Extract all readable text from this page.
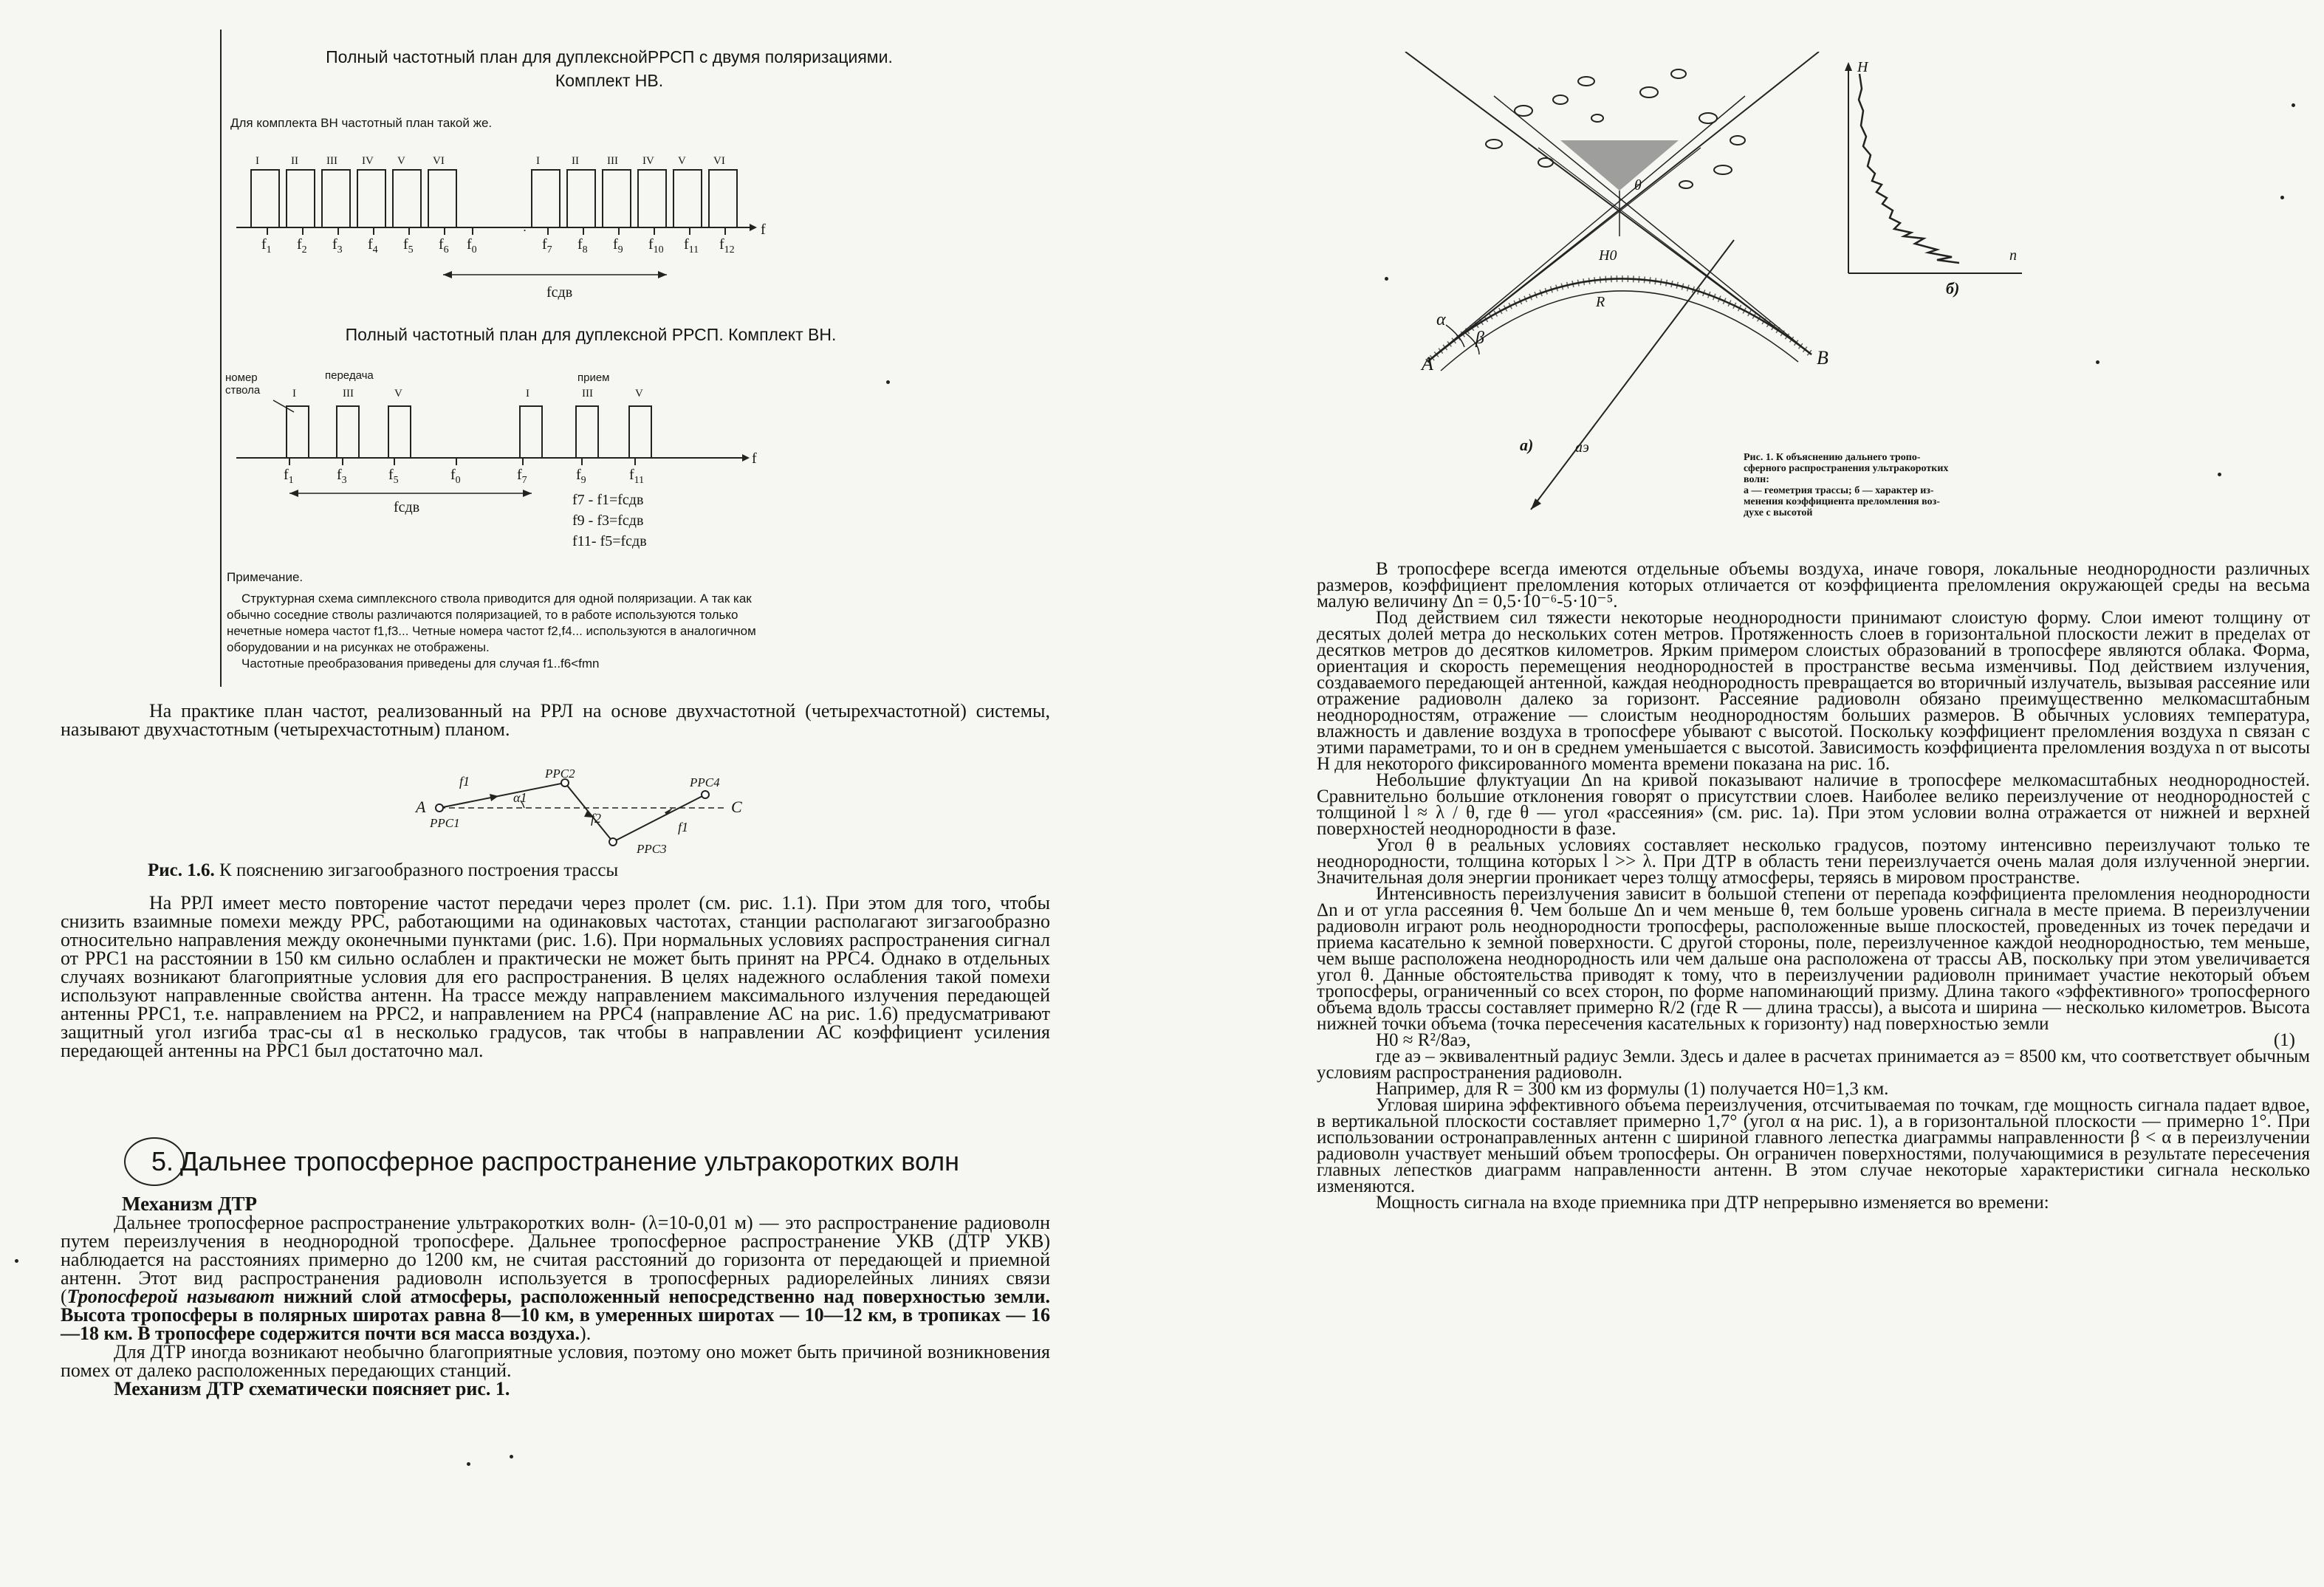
Полный частотный план для дуплекснойРРСП с двумя поляризациями.
Комплект НВ.
Для комплекта ВН частотный план такой же.
.	f
I	II	III IV V VI	I	II	III IV V VI
$f_1$ $f_2$ $f_3$ $f_4$ $f_5$ $f_6$ $f_0$	$f_7$ $f_8$ $f_9$ $f_{10}$ $f_{11}$ $f_{12}$
fсдв
Полный частотный план для дуплексной РРСП. Комплект ВН.
номер
ствола
передача	прием
f
I	III	V	I	III	V
$f_1$	$f_3$	$f_5$	$f_0$	$f_7$	$f_9$	$f_{11}$
fсдв	f7 - f1=fсдв
f9 - f3=fсдв
f11- f5=fсдв
Примечание.
Структурная схема симплексного ствола приводится для одной поляризации. А так как
обычно соседние стволы различаются поляризацией, то в работе используются только
нечетные номера частот f1,f3... Четные номера частот f2,f4... используются в аналогичном
оборудовании и на рисунках не отображены.
Частотные преобразования приведены для случая f1..f6<fmn

На практике план частот, реализованный на РРЛ на основе двухчастотной (четырехчастотной) системы, называют двухчастотным (четырехчастотным) планом.

A
PPC1
PPC2
PPC3
PPC4
C
f1
α1
f2
f1
Рис. 1.6. К пояснению зигзагообразного построения трассы

На РРЛ имеет место повторение частот передачи через пролет (см. рис. 1.1). При этом для того, чтобы снизить взаимные помехи между РРС, работающими на одинаковых частотах, станции располагают зигзагообразно относительно направления между оконечными пунктами (рис. 1.6). При нормальных условиях распространения сигнал от РРС1 на расстоянии в 150 км сильно ослаблен и практически не может быть принят на РРС4. Однако в отдельных случаях возникают благоприятные условия для его распространения. В целях надежного ослабления такой помехи используют направленные свойства антенн. На трассе между направлением максимального излучения передающей антенны РРС1, т.е. направлением на РРС2, и направлением на РРС4 (направление АС на рис. 1.6) предусматривают защитный угол изгиба трас-сы α1 в несколько градусов, так чтобы в направлении АС коэффициент усиления передающей антенны на РРС1 был достаточно мал.

5. Дальнее тропосферное распространение ультракоротких волн
Механизм ДТР

Дальнее тропосферное распространение ультракоротких волн- (λ=10-0,01 м) — это распространение радиоволн путем переизлучения в неоднородной тропосфере. Дальнее тропосферное распространение УКВ (ДТР УКВ) наблюдается на расстояниях примерно до 1200 км, не считая расстояний до горизонта от передающей и приемной антенн. Этот вид распространения радиоволн используется в тропосферных радиорелейных линиях связи (Тропосферой называют нижний слой атмосферы, расположенный непосредственно над поверхностью земли. Высота тропосферы в полярных широтах равна 8—10 км, в умеренных широтах — 10—12 км, в тропиках — 16—18 км. В тропосфере содержится почти вся масса воздуха.).

Для ДТР иногда возникают необычно благоприятные условия, поэтому оно может быть причиной возникновения помех от далеко расположенных передающих станций.

Механизм ДТР схематически поясняет рис. 1.

A	B
α
β
H0
R
θ
aэ
а)
H
n
б)
Рис. 1. К объяснению дальнего тропо-
сферного распространения ультракоротких
волн:
а — геометрия трассы; б — характер из-
менения коэффициента преломления воз-
духе с высотой

В тропосфере всегда имеются отдельные объемы воздуха, иначе говоря, локальные неоднородности различных размеров, коэффициент преломления которых отличается от коэффициента преломления окружающей среды на весьма малую величину Δn = 0,5·10⁻⁶-5·10⁻⁵.

Под действием сил тяжести некоторые неоднородности принимают слоистую форму. Слои имеют толщину от десятых долей метра до нескольких сотен метров. Протяженность слоев в горизонтальной плоскости лежит в пределах от десятков метров до десятков километров. Ярким примером слоистых образований в тропосфере являются облака. Форма, ориентация и скорость перемещения неоднородностей в пространстве весьма изменчивы. Под действием излучения, создаваемого передающей антенной, каждая неоднородность превращается во вторичный излучатель, вызывая рассеяние или отражение радиоволн далеко за горизонт. Рассеяние радиоволн обязано преимущественно мелкомасштабным неоднородностям, отражение — слоистым неоднородностям больших размеров. В обычных условиях температура, влажность и давление воздуха в тропосфере убывают с высотой. Поскольку коэффициент преломления воздуха n связан с этими параметрами, то и он в среднем уменьшается с высотой. Зависимость коэффициента преломления воздуха n от высоты H для некоторого фиксированного момента времени показана на рис. 1б.

Небольшие флуктуации Δn на кривой показывают наличие в тропосфере мелкомасштабных неоднородностей. Сравнительно большие отклонения говорят о присутствии слоев. Наиболее велико переизлучение от неоднородностей с толщиной l ≈ λ / θ, где θ — угол «рассеяния» (см. рис. 1а). При этом условии волна отражается от нижней и верхней поверхностей неоднородности в фазе.

Угол θ в реальных условиях составляет несколько градусов, поэтому интенсивно переизлучают только те неоднородности, толщина которых l >> λ. При ДТР в область тени переизлучается очень малая доля излученной энергии. Значительная доля энергии проникает через толщу атмосферы, теряясь в мировом пространстве.

Интенсивность переизлучения зависит в большой степени от перепада коэффициента преломления неоднородности Δn и от угла рассеяния θ. Чем больше Δn и чем меньше θ, тем больше уровень сигнала в месте приема. В переизлучении радиоволн играют роль неоднородности тропосферы, расположенные выше плоскостей, проведенных из точек передачи и приема касательно к земной поверхности. С другой стороны, поле, переизлученное каждой неоднородностью, тем меньше, чем выше расположена неоднородность или чем дальше она расположена от трассы AB, поскольку при этом увеличивается угол θ. Данные обстоятельства приводят к тому, что в переизлучении радиоволн принимает участие некоторый объем тропосферы, ограниченный со всех сторон, по форме напоминающий призму. Длина такого «эффективного» тропосферного объема вдоль трассы составляет примерно R/2 (где R — длина трассы), а высота и ширина — несколько километров. Высота нижней точки объема (точка пересечения касательных к горизонту) над поверхностью земли

H0 ≈ R²/8aэ,	(1)

где aэ – эквивалентный радиус Земли. Здесь и далее в расчетах принимается aэ = 8500 км, что соответствует обычным условиям распространения радиоволн.

Например, для R = 300 км из формулы (1) получается H0=1,3 км.

Угловая ширина эффективного объема переизлучения, отсчитываемая по точкам, где мощность сигнала падает вдвое, в вертикальной плоскости составляет примерно 1,7° (угол α на рис. 1), а в горизонтальной плоскости — примерно 1°. При использовании остронаправленных антенн с шириной главного лепестка диаграммы направленности β < α в переизлучении радиоволн участвует меньший объем тропосферы. Он ограничен поверхностями, получающимися в результате пересечения главных лепестков диаграмм направленности антенн. В этом случае некоторые характеристики сигнала несколько изменяются.

Мощность сигнала на входе приемника при ДТР непрерывно изменяется во времени:
